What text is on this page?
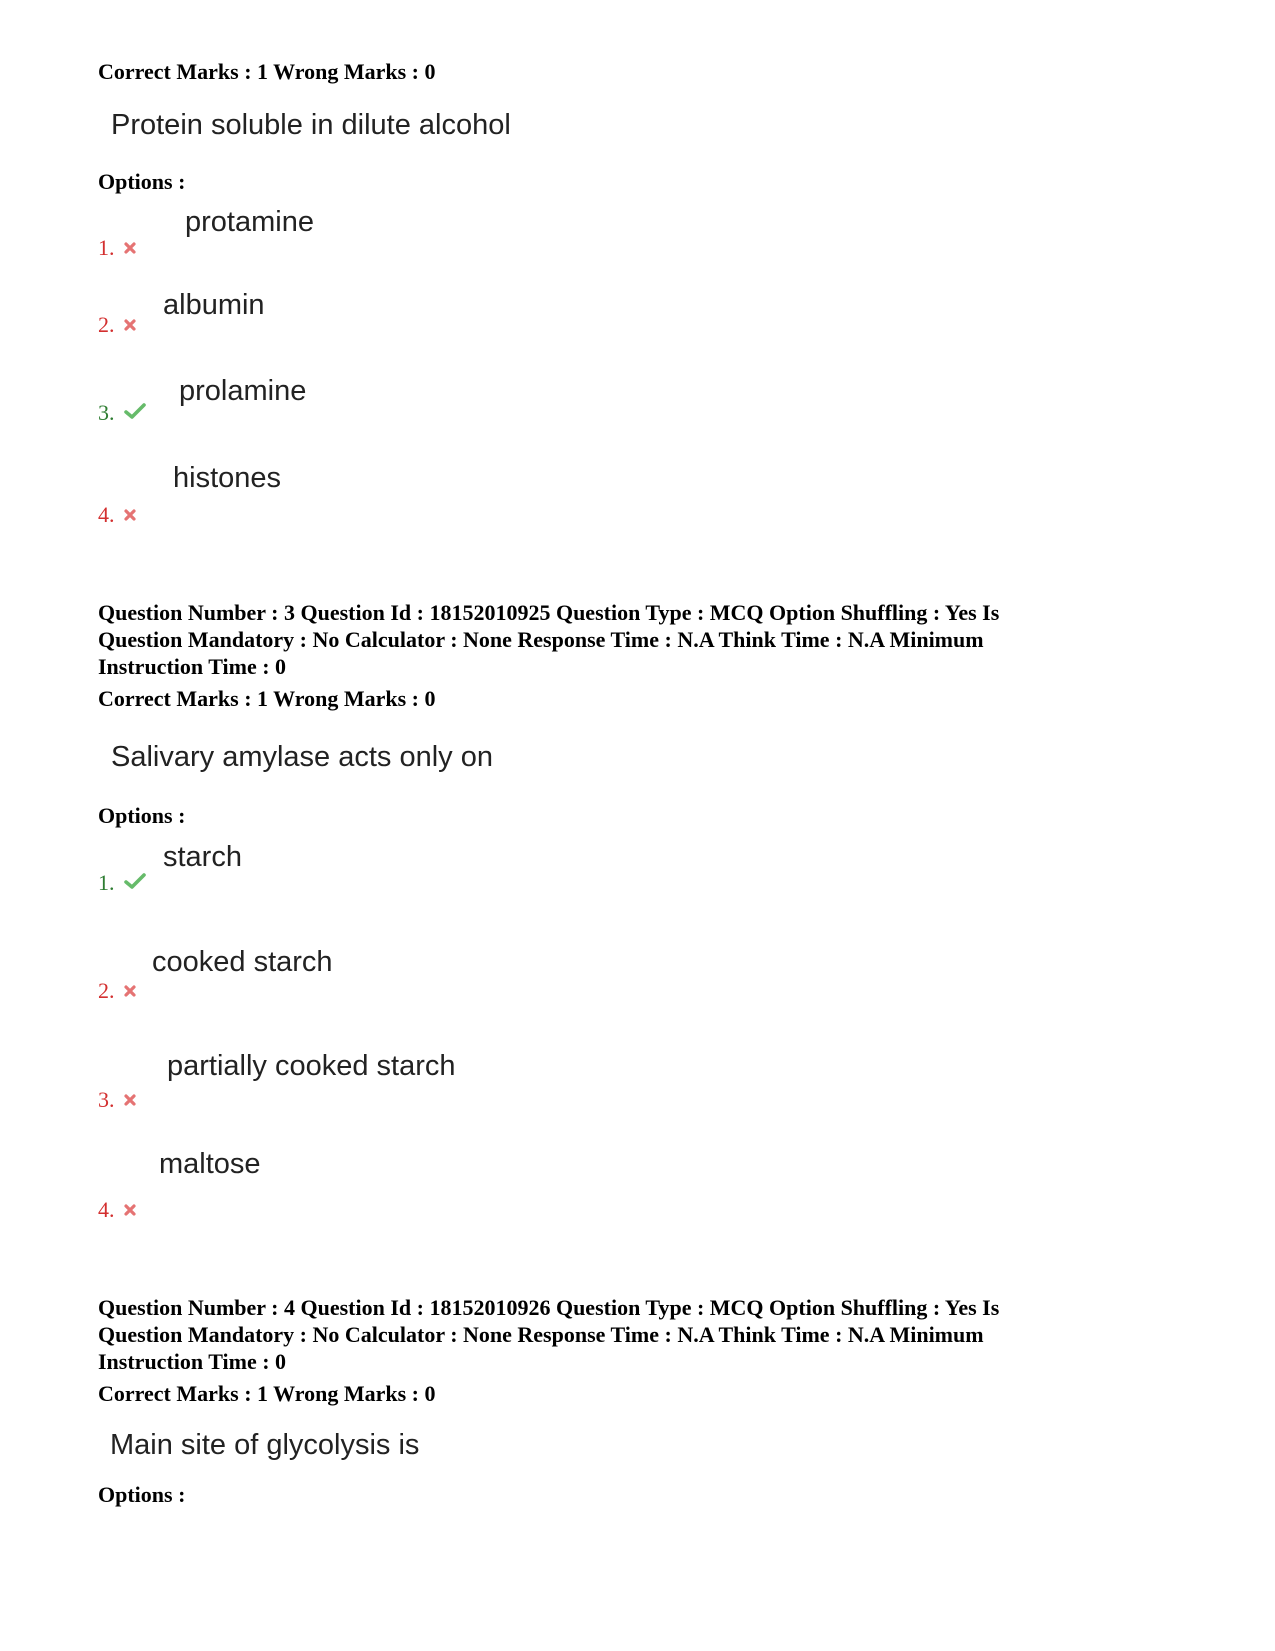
Correct Marks : 1 Wrong Marks : 0
Protein soluble in dilute alcohol
Options :
protamine
1.
albumin
2.
prolamine
3.
histones
4.
Question Number : 3 Question Id : 18152010925 Question Type : MCQ Option Shuffling : Yes Is
Question Mandatory : No Calculator : None Response Time : N.A Think Time : N.A Minimum
Instruction Time : 0
Correct Marks : 1 Wrong Marks : 0
Salivary amylase acts only on
Options :
starch
1.
cooked starch
2.
partially cooked starch
3.
maltose
4.
Question Number : 4 Question Id : 18152010926 Question Type : MCQ Option Shuffling : Yes Is
Question Mandatory : No Calculator : None Response Time : N.A Think Time : N.A Minimum
Instruction Time : 0
Correct Marks : 1 Wrong Marks : 0
Main site of glycolysis is
Options :
